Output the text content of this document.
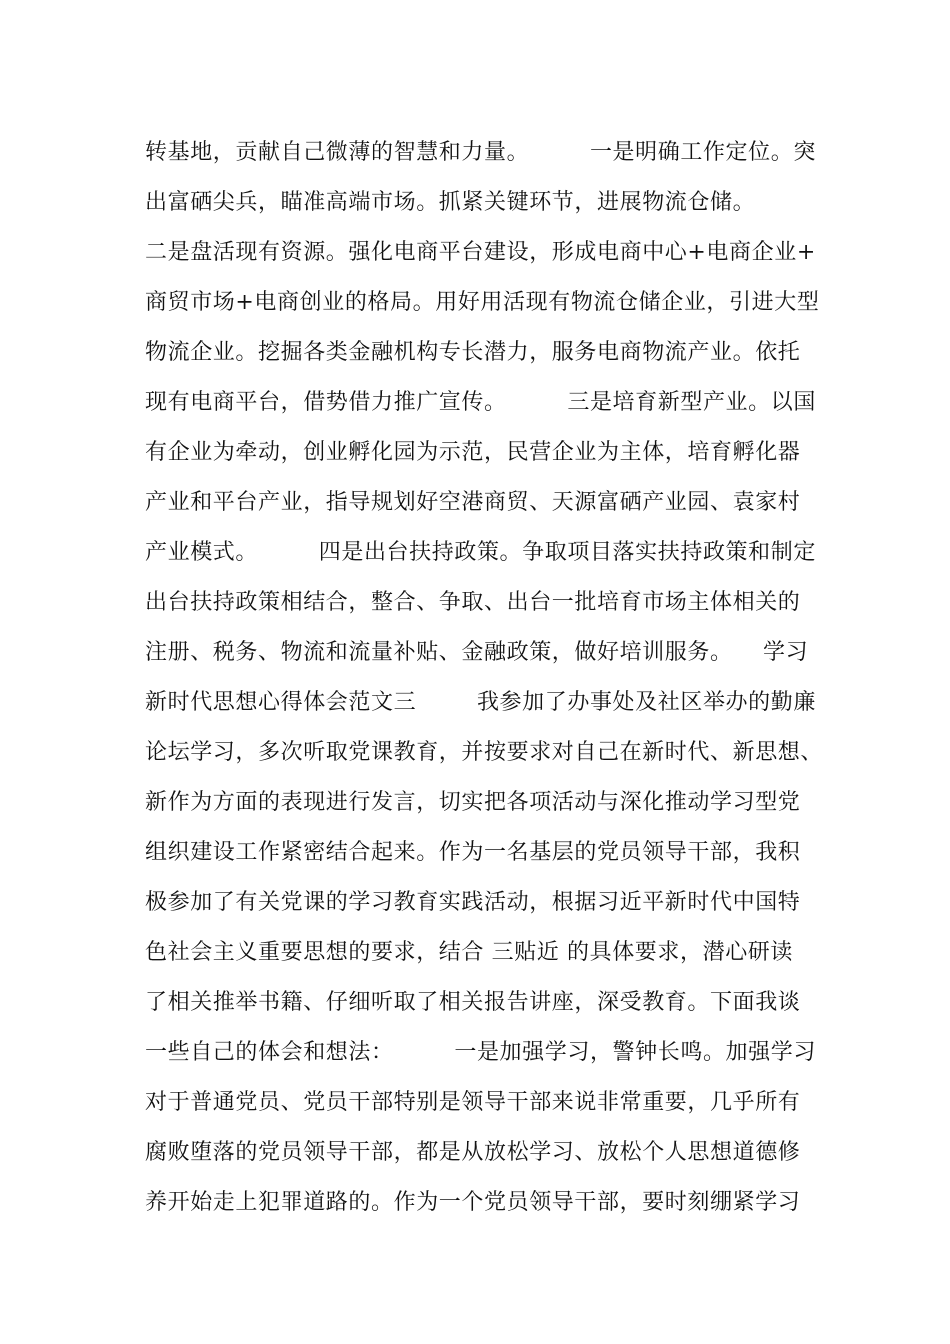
转基地，贡献自己微薄的智慧和力量。        一是明确工作定位。突
出富硒尖兵，瞄准高端市场。抓紧关键环节，进展物流仓储。
二是盘活现有资源。强化电商平台建设，形成电商中心+电商企业+
商贸市场+电商创业的格局。用好用活现有物流仓储企业，引进大型
物流企业。挖掘各类金融机构专长潜力，服务电商物流产业。依托
现有电商平台，借势借力推广宣传。        三是培育新型产业。以国
有企业为牵动，创业孵化园为示范，民营企业为主体，培育孵化器
产业和平台产业，指导规划好空港商贸、天源富硒产业园、袁家村
产业模式。        四是出台扶持政策。争取项目落实扶持政策和制定
出台扶持政策相结合，整合、争取、出台一批培育市场主体相关的
注册、税务、物流和流量补贴、金融政策，做好培训服务。    学习
新时代思想心得体会范文三        我参加了办事处及社区举办的勤廉
论坛学习，多次听取党课教育，并按要求对自己在新时代、新思想、
新作为方面的表现进行发言，切实把各项活动与深化推动学习型党
组织建设工作紧密结合起来。作为一名基层的党员领导干部，我积
极参加了有关党课的学习教育实践活动，根据习近平新时代中国特
色社会主义重要思想的要求，结合 三贴近 的具体要求，潜心研读
了相关推举书籍、仔细听取了相关报告讲座，深受教育。下面我谈
一些自己的体会和想法：        一是加强学习，警钟长鸣。加强学习
对于普通党员、党员干部特别是领导干部来说非常重要，几乎所有
腐败堕落的党员领导干部，都是从放松学习、放松个人思想道德修
养开始走上犯罪道路的。作为一个党员领导干部，要时刻绷紧学习
